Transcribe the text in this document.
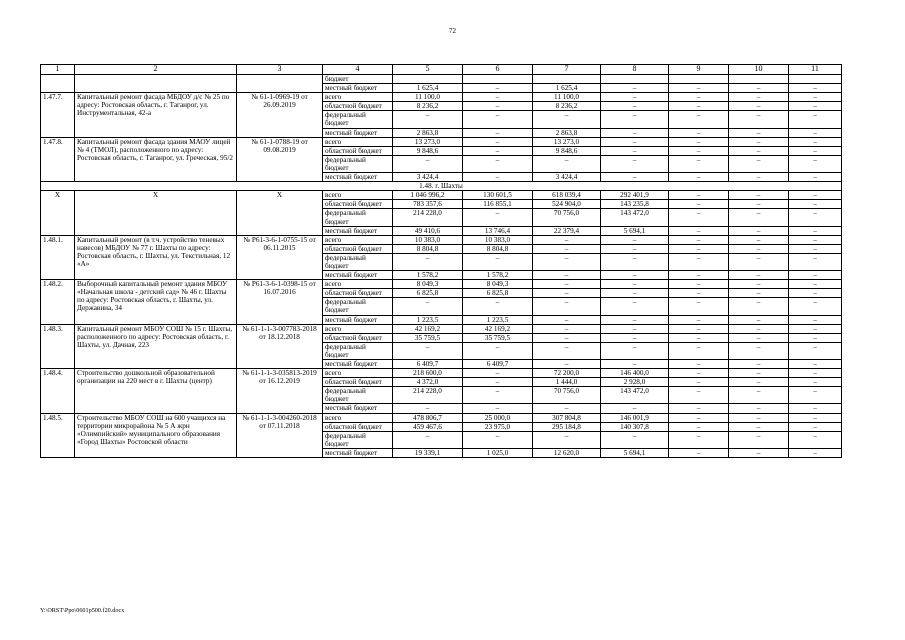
72
1	2	3	4	5	6	7	8	9	10	11
			бюджет							
			местный бюджет	1 625,4	–	1 625,4	–	–	–	–
1.47.7.	Капитальный ремонт фасада МБДОУ д/с № 25 по адресу: Ростовская область, г. Таганрог, ул. Инструментальная, 42-а	№ 61-1-0969-19 от 26.09.2019	всего	11 100,0	–	11 100,0	–	–	–	–
			областной бюджет	8 236,2	–	8 236,2	–	–	–	–
			федеральный бюджет	–	–	–	–	–	–	–
			местный бюджет	2 863,8	–	2 863,8	–	–	–	–
1.47.8.	Капитальный ремонт фасада здания МАОУ лицей № 4 (ТМОЛ), расположенного по адресу: Ростовская область, г. Таганрог, ул. Греческая, 95/2	№ 61-1-0788-19 от 09.08.2019	всего	13 273,0	–	13 273,0	–	–	–	–
			областной бюджет	9 848,6	–	9 848,6	–	–	–	–
			федеральный бюджет	–	–	–	–	–	–	–
			местный бюджет	3 424,4	–	3 424,4	–	–	–	–
1.48. г. Шахты										
X	X	X	всего	1 046 996,2	130 601,5	618 039,4	292 401,9	–	–	–
			областной бюджет	783 357,6	116 855,1	524 904,0	143 235,8	–	–	–
			федеральный бюджет	214 228,0	–	70 756,0	143 472,0	–	–	–
			местный бюджет	49 410,6	13 746,4	22 379,4	5 694,1	–	–	–
1.48.1.	Капитальный ремонт (в т.ч. устройство теневых навесов) МБДОУ № 77 г. Шахты по адресу: Ростовская область, г. Шахты, ул. Текстильная, 12 «А»	№ Р61-3-6-1-0755-15 от 06.11.2015	всего	10 383,0	10 383,0	–	–	–	–	–
			областной бюджет	8 804,8	8 804,8	–	–	–	–	–
			федеральный бюджет	–	–	–	–	–	–	–
			местный бюджет	1 578,2	1 578,2	–	–	–	–	–
1.48.2.	Выборочный капитальный ремонт здания МБОУ «Начальная школа - детский сад» № 46 г. Шахты по адресу: Ростовская область, г. Шахты, ул. Державина, 34	№ Р61-3-6-1-0398-15 от 16.07.2016	всего	8 049,3	8 049,3	–	–	–	–	–
			областной бюджет	6 825,8	6 825,8	–	–	–	–	–
			федеральный бюджет	–	–	–	–	–	–	–
			местный бюджет	1 223,5	1 223,5	–	–	–	–	–
1.48.3.	Капитальный ремонт МБОУ СОШ № 15 г. Шахты, расположенного по адресу: Ростовская область, г. Шахты, ул. Дачная, 223	№ 61-1-1-3-007783-2018 от 18.12.2018	всего	42 169,2	42 169,2	–	–	–	–	–
			областной бюджет	35 759,5	35 759,5	–	–	–	–	–
			федеральный бюджет	–	–	–	–	–	–	–
			местный бюджет	6 409,7	6 409,7	–	–	–	–	–
1.48.4.	Строительство дошкольной образовательной организации на 220 мест в г. Шахты (центр)	№ 61-1-1-3-035813-2019 от 16.12.2019	всего	218 600,0	–	72 200,0	146 400,0	–	–	–
			областной бюджет	4 372,0	–	1 444,0	2 928,0	–	–	–
			федеральный бюджет	214 228,0	–	70 756,0	143 472,0	–	–	–
			местный бюджет	–	–	–	–	–	–	–
1.48.5.	Строительство МБОУ СОШ на 600 учащихся на территории микрорайона № 5 А жрн «Олимпийский» муниципального образования «Город Шахты» Ростовской области	№ 61-1-1-3-004260-2018 от 07.11.2018	всего	478 806,7	25 000,0	307 804,8	146 001,9	–	–	–
			областной бюджет	459 467,6	23 975,0	295 184,8	140 307,8	–	–	–
			федеральный бюджет	–	–	–	–	–	–	–
			местный бюджет	19 339,1	1 025,0	12 620,0	5 694,1	–	–	–
Y:\ORST\Ppo\0601p500.f20.docx
